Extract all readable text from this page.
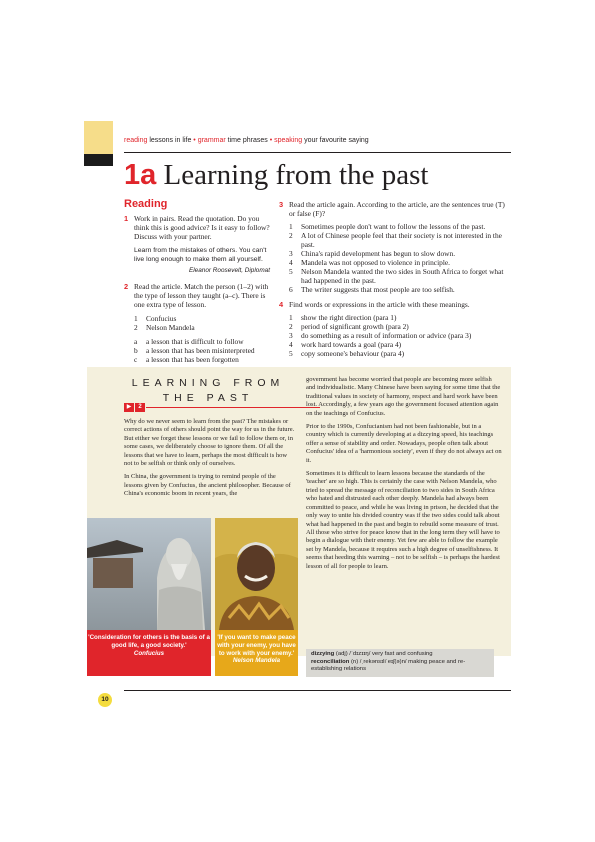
reading lessons in life • grammar time phrases • speaking your favourite saying
1a Learning from the past
Reading
1 Work in pairs. Read the quotation. Do you think this is good advice? Is it easy to follow? Discuss with your partner.
Learn from the mistakes of others. You can't live long enough to make them all yourself.
Eleanor Roosevelt, Diplomat
2 Read the article. Match the person (1–2) with the type of lesson they taught (a–c). There is one extra type of lesson.
1 Confucius
2 Nelson Mandela
a a lesson that is difficult to follow
b a lesson that has been misinterpreted
c a lesson that has been forgotten
3 Read the article again. According to the article, are the sentences true (T) or false (F)?
1 Sometimes people don't want to follow the lessons of the past.
2 A lot of Chinese people feel that their society is not interested in the past.
3 China's rapid development has begun to slow down.
4 Mandela was not opposed to violence in principle.
5 Nelson Mandela wanted the two sides in South Africa to forget what had happened in the past.
6 The writer suggests that most people are too selfish.
4 Find words or expressions in the article with these meanings.
1 show the right direction (para 1)
2 period of significant growth (para 2)
3 do something as a result of information or advice (para 3)
4 work hard towards a goal (para 4)
5 copy someone's behaviour (para 4)
LEARNING FROM THE PAST
▶	2

Why do we never seem to learn from the past? The mistakes or correct actions of others should point the way for us in the future. But either we forget these lessons or we fail to follow them or, in some cases, we deliberately choose to ignore them. Of all the lessons that we have to learn, perhaps the most difficult is how not to be selfish or think only of ourselves.

In China, the government is trying to remind people of the lessons given by Confucius, the ancient philosopher. Because of China's economic boom in recent years, the

government has become worried that people are becoming more selfish and individualistic. Many Chinese have been saying for some time that the traditional values in society of harmony, respect and hard work have been lost. Accordingly, a few years ago the government focused attention again on the teachings of Confucius.

Prior to the 1990s, Confucianism had not been fashionable, but in a country which is currently developing at a dizzying speed, his teachings offer a sense of stability and order. Nowadays, people often talk about Confucius' idea of a 'harmonious society', even if they do not always act on it.

Sometimes it is difficult to learn lessons because the standards of the 'teacher' are so high. This is certainly the case with Nelson Mandela, who tried to spread the message of reconciliation to two sides in South Africa who hated and distrusted each other deeply. Mandela had always been committed to peace, and while he was living in prison, he decided that the only way to unite his divided country was if the two sides could talk about what had happened in the past and begin to rebuild some measure of trust. All those who strive for peace know that in the long term they will have to begin a dialogue with their enemy. Yet few are able to follow the example set by Mandela, because it requires such a high degree of unselfishness. It seems that heeding this warning – not to be selfish – is perhaps the hardest lesson of all for people to learn.

'Consideration for others is the basis of a good life, a good society.'
Confucius
'If you want to make peace with your enemy, you have to work with your enemy.'
Nelson Mandela
dizzying (adj) /ˈdɪzɪɪŋ/ very fast and confusing
reconciliation (n) /ˌrekənsɪliˈeɪʃ(ə)n/ making peace and re-establishing relations
10
